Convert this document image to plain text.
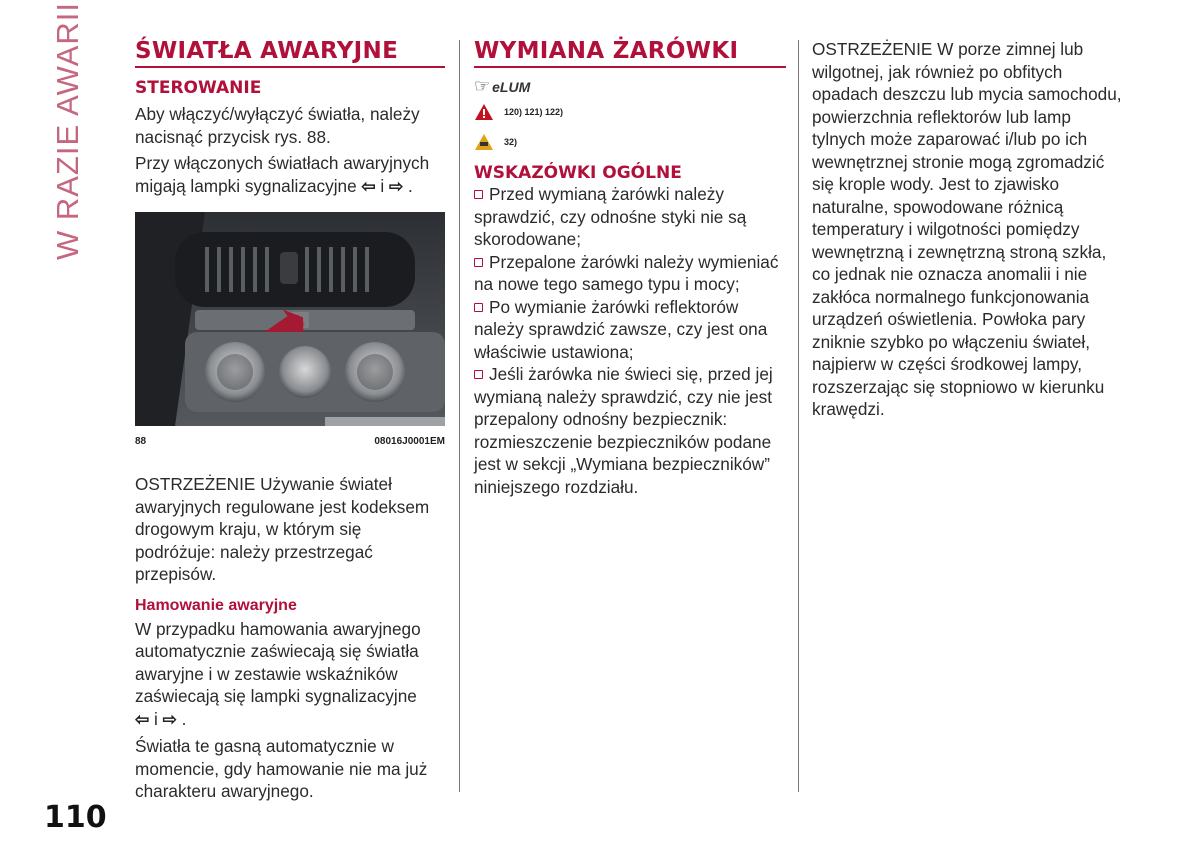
W RAZIE AWARII
110
ŚWIATŁA AWARYJNE
STEROWANIE

Aby włączyć/wyłączyć światła, należy nacisnąć przycisk rys. 88.

Przy włączonych światłach awaryjnych migają lampki sygnalizacyjne ⇦ i ⇨ .

88	08016J0001EM

OSTRZEŻENIE Używanie świateł awaryjnych regulowane jest kodeksem drogowym kraju, w którym się podróżuje: należy przestrzegać przepisów.

Hamowanie awaryjne

W przypadku hamowania awaryjnego automatycznie zaświecają się światła awaryjne i w zestawie wskaźników zaświecają się lampki sygnalizacyjne
⇦ i ⇨ .

Światła te gasną automatycznie w momencie, gdy hamowanie nie ma już charakteru awaryjnego.

WYMIANA ŻARÓWKI
☞ eLUM
120) 121) 122)
32)
WSKAZÓWKI OGÓLNE

Przed wymianą żarówki należy sprawdzić, czy odnośne styki nie są skorodowane;

Przepalone żarówki należy wymieniać na nowe tego samego typu i mocy;

Po wymianie żarówki reflektorów należy sprawdzić zawsze, czy jest ona właściwie ustawiona;

Jeśli żarówka nie świeci się, przed jej wymianą należy sprawdzić, czy nie jest przepalony odnośny bezpiecznik: rozmieszczenie bezpieczników podane jest w sekcji „Wymiana bezpieczników” niniejszego rozdziału.

OSTRZEŻENIE W porze zimnej lub wilgotnej, jak również po obfitych opadach deszczu lub mycia samochodu, powierzchnia reflektorów lub lamp tylnych może zaparować i/lub po ich wewnętrznej stronie mogą zgromadzić się krople wody. Jest to zjawisko naturalne, spowodowane różnicą temperatury i wilgotności pomiędzy wewnętrzną i zewnętrzną stroną szkła, co jednak nie oznacza anomalii i nie zakłóca normalnego funkcjonowania urządzeń oświetlenia. Powłoka pary zniknie szybko po włączeniu świateł, najpierw w części środkowej lampy, rozszerzając się stopniowo w kierunku krawędzi.
